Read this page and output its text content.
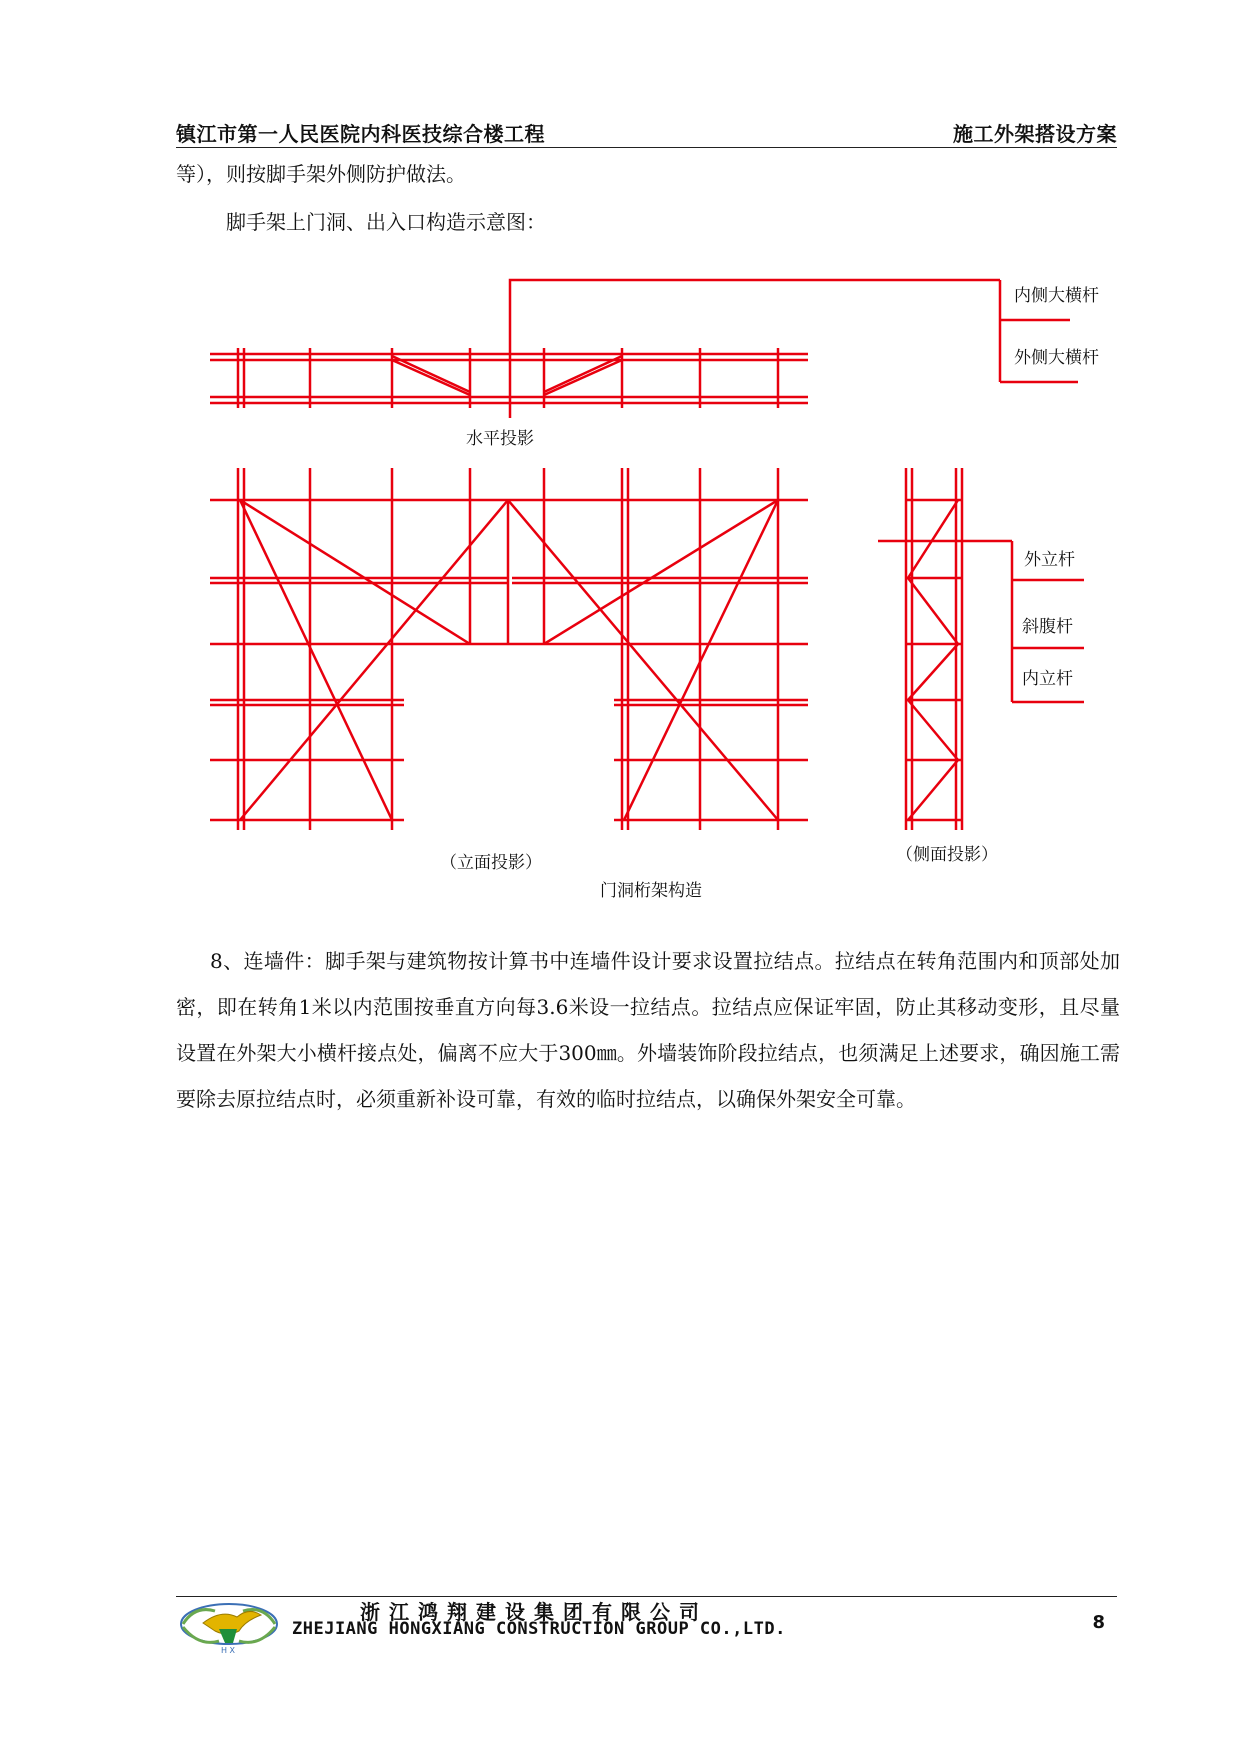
镇江市第一人民医院内科医技综合楼工程	施工外架搭设方案
等），则按脚手架外侧防护做法。
脚手架上门洞、出入口构造示意图：
内侧大横杆
外侧大横杆
水平投影
外立杆
斜腹杆
内立杆
（立面投影）	（侧面投影）
门洞桁架构造
8、连墙件：脚手架与建筑物按计算书中连墙件设计要求设置拉结点。拉结点在转角范围内和顶部处加密，即在转角1米以内范围按垂直方向每3.6米设一拉结点。拉结点应保证牢固，防止其移动变形，且尽量设置在外架大小横杆接点处，偏离不应大于300㎜。外墙装饰阶段拉结点，也须满足上述要求，确因施工需要除去原拉结点时，必须重新补设可靠，有效的临时拉结点，以确保外架安全可靠。
H X
浙江鸿翔建设集团有限公司
ZHEJIANG HONGXIANG CONSTRUCTION GROUP CO.,LTD.	8
